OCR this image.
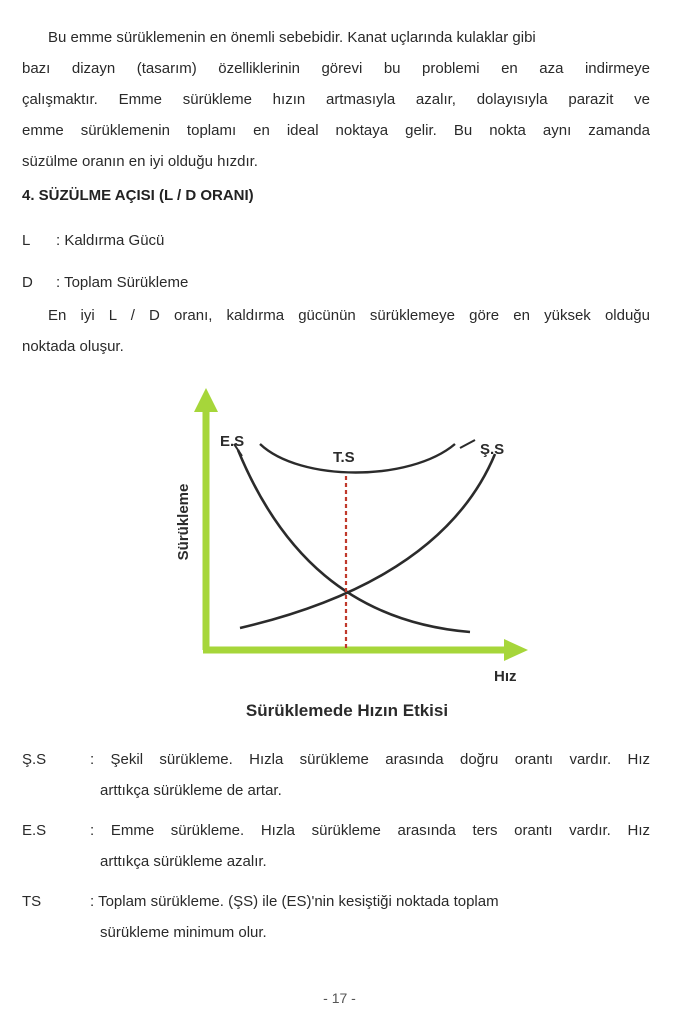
Bu emme sürüklemenin en önemli sebebidir. Kanat uçlarında kulaklar gibi
bazı dizayn (tasarım) özelliklerinin görevi bu problemi en aza indirmeye
çalışmaktır. Emme sürükleme hızın artmasıyla azalır, dolayısıyla parazit ve
emme sürüklemenin toplamı en ideal noktaya gelir. Bu nokta aynı zamanda
süzülme oranın en iyi olduğu hızdır.
4. SÜZÜLME AÇISI (L / D ORANI)
L : Kaldırma Gücü
D : Toplam Sürükleme
En iyi L / D oranı, kaldırma gücünün sürüklemeye göre en yüksek olduğu
noktada oluşur.
E.S
T.S	Ş.S
Sürükleme
Hız
Sürüklemede Hızın Etkisi
Ş.S	: Şekil sürükleme. Hızla sürükleme arasında doğru orantı vardır. Hız
arttıkça sürükleme de artar.
E.S	: Emme sürükleme. Hızla sürükleme arasında ters orantı vardır. Hız
arttıkça sürükleme azalır.
TS	: Toplam sürükleme. (ŞS) ile (ES)'nin kesiştiği noktada toplam
sürükleme minimum olur.
- 17 -
